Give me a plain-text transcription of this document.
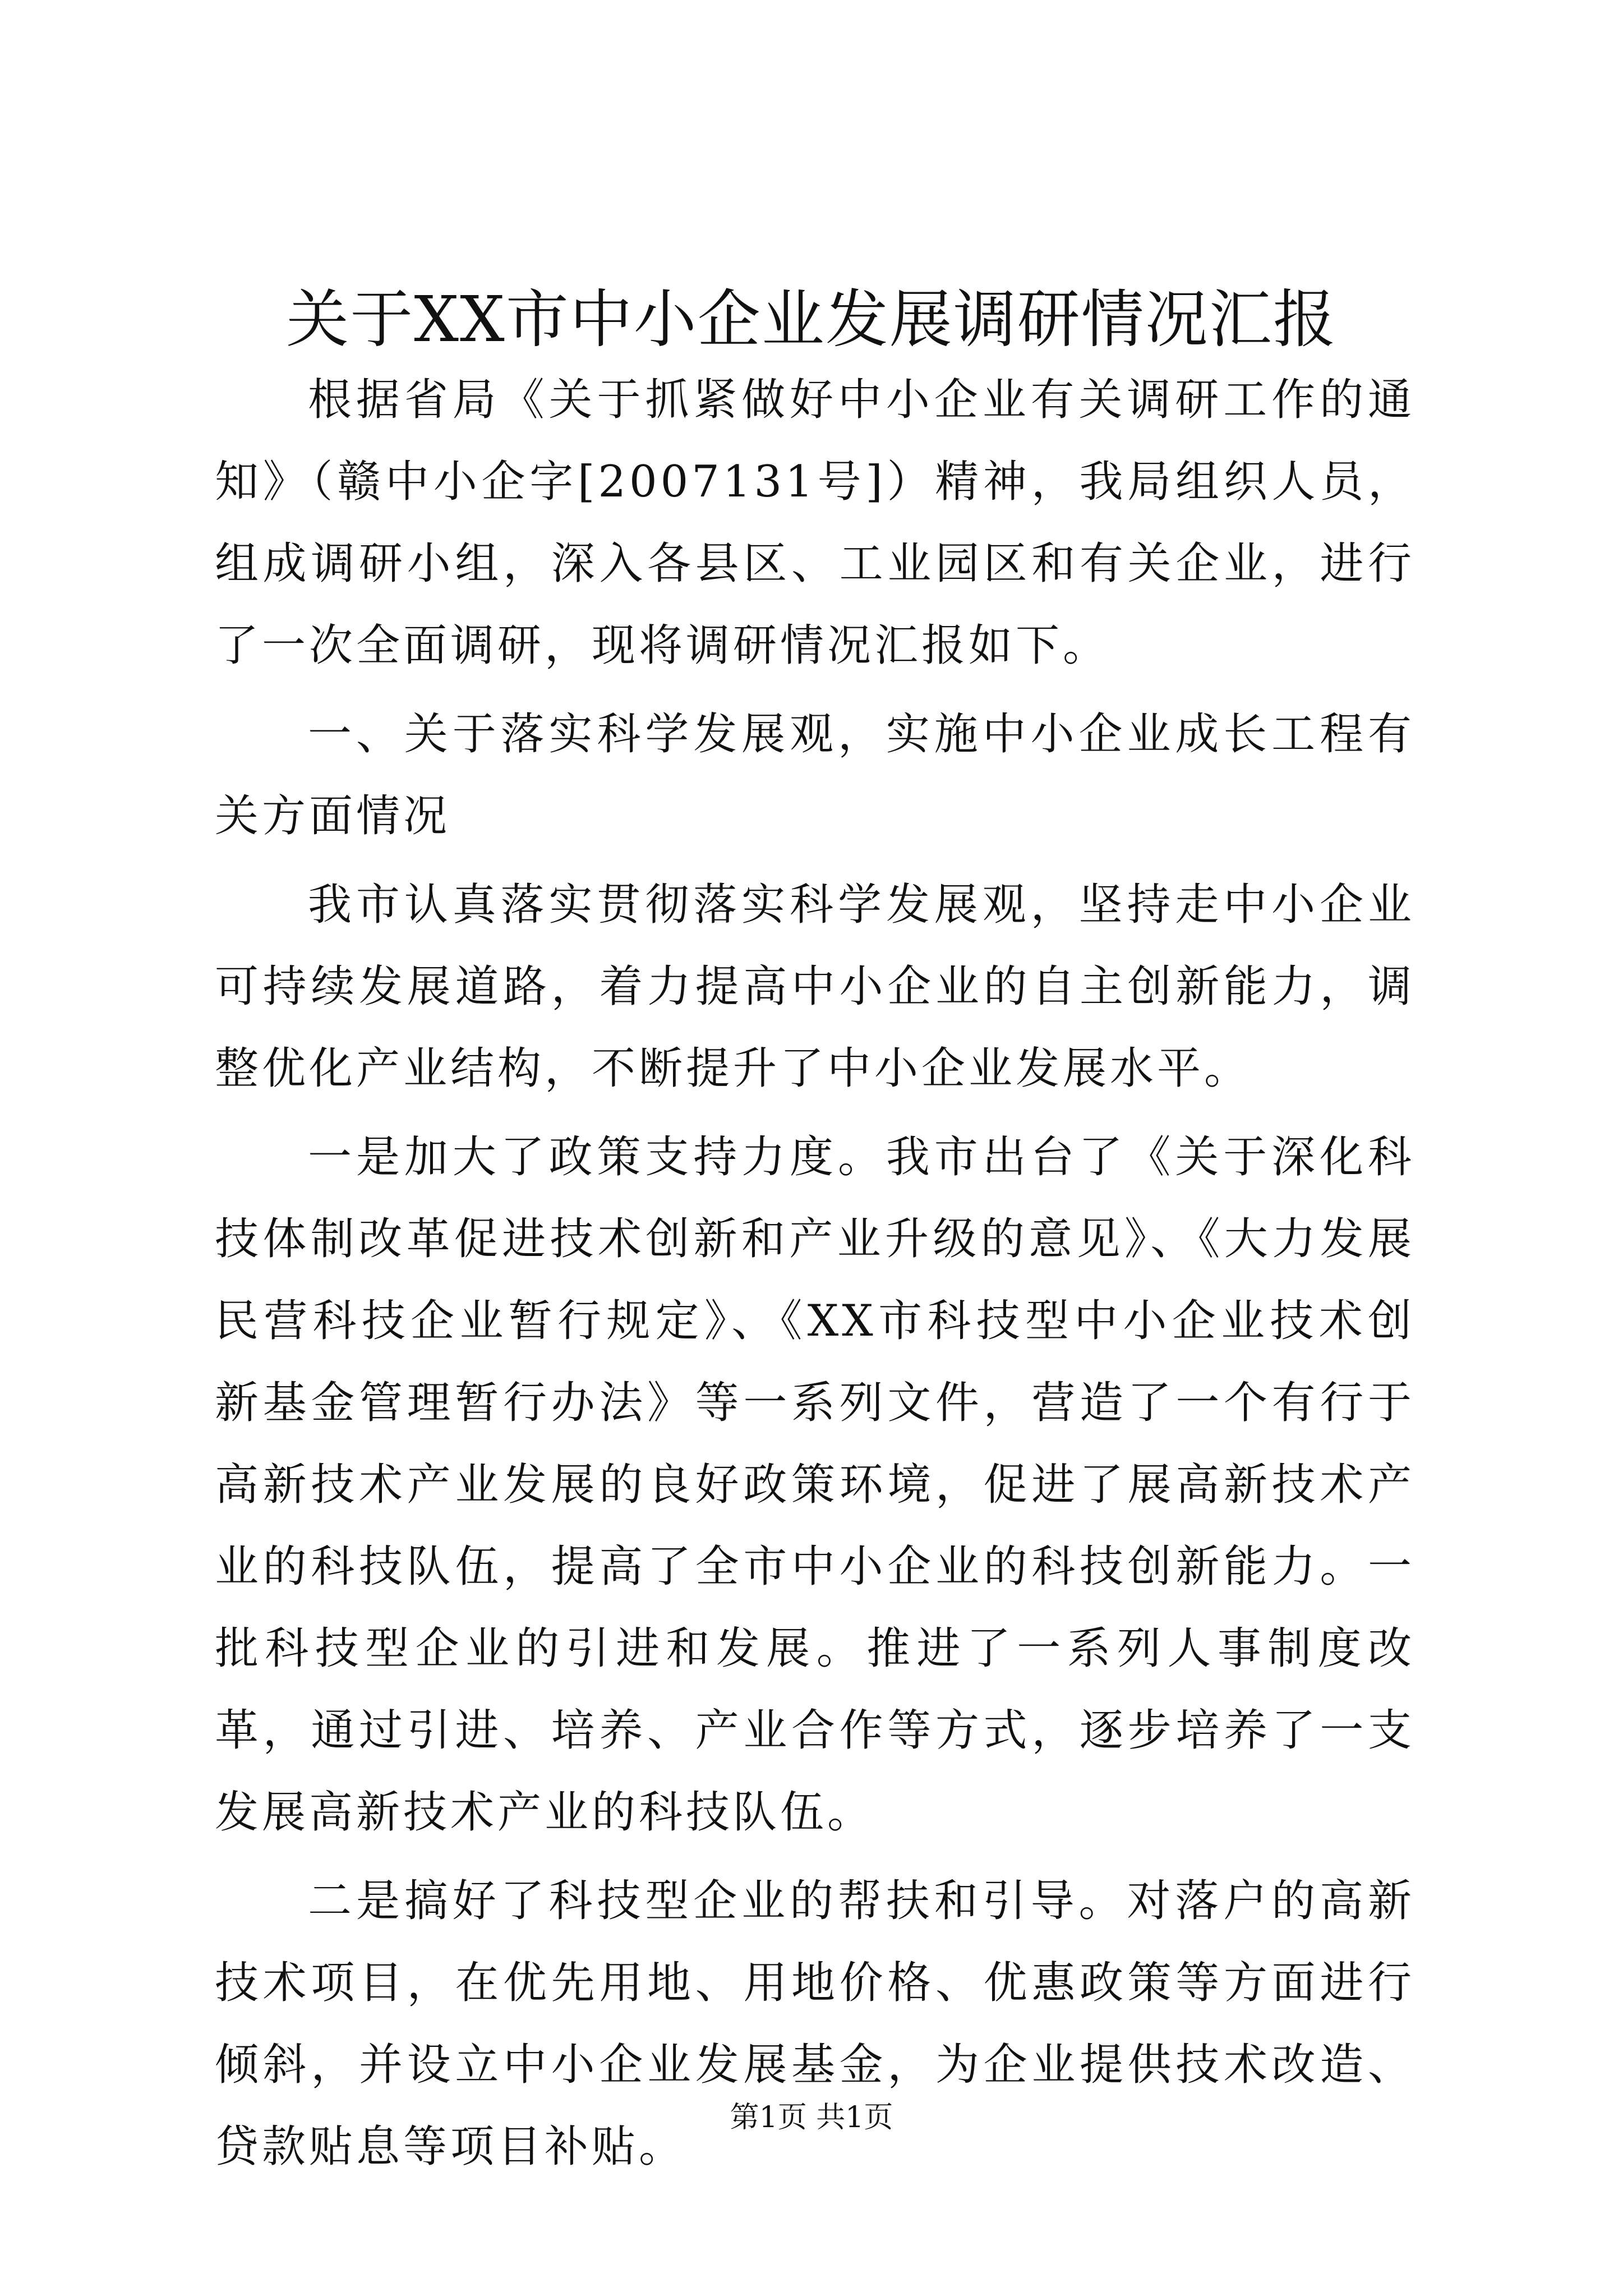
关于XX市中小企业发展调研情况汇报

根据省局《关于抓紧做好中小企业有关调研工作的通知》（赣中小企字[2007131号]）精神，我局组织人员，组成调研小组，深入各县区、工业园区和有关企业，进行了一次全面调研，现将调研情况汇报如下。

一、关于落实科学发展观，实施中小企业成长工程有关方面情况

我市认真落实贯彻落实科学发展观，坚持走中小企业可持续发展道路，着力提高中小企业的自主创新能力，调整优化产业结构，不断提升了中小企业发展水平。

一是加大了政策支持力度。我市出台了《关于深化科技体制改革促进技术创新和产业升级的意见》、《大力发展民营科技企业暂行规定》、《XX市科技型中小企业技术创新基金管理暂行办法》等一系列文件，营造了一个有行于高新技术产业发展的良好政策环境，促进了展高新技术产业的科技队伍，提高了全市中小企业的科技创新能力。一批科技型企业的引进和发展。推进了一系列人事制度改革，通过引进、培养、产业合作等方式，逐步培养了一支发展高新技术产业的科技队伍。

二是搞好了科技型企业的帮扶和引导。对落户的高新技术项目，在优先用地、用地价格、优惠政策等方面进行倾斜，并设立中小企业发展基金，为企业提供技术改造、贷款贴息等项目补贴。

第1页 共1页
